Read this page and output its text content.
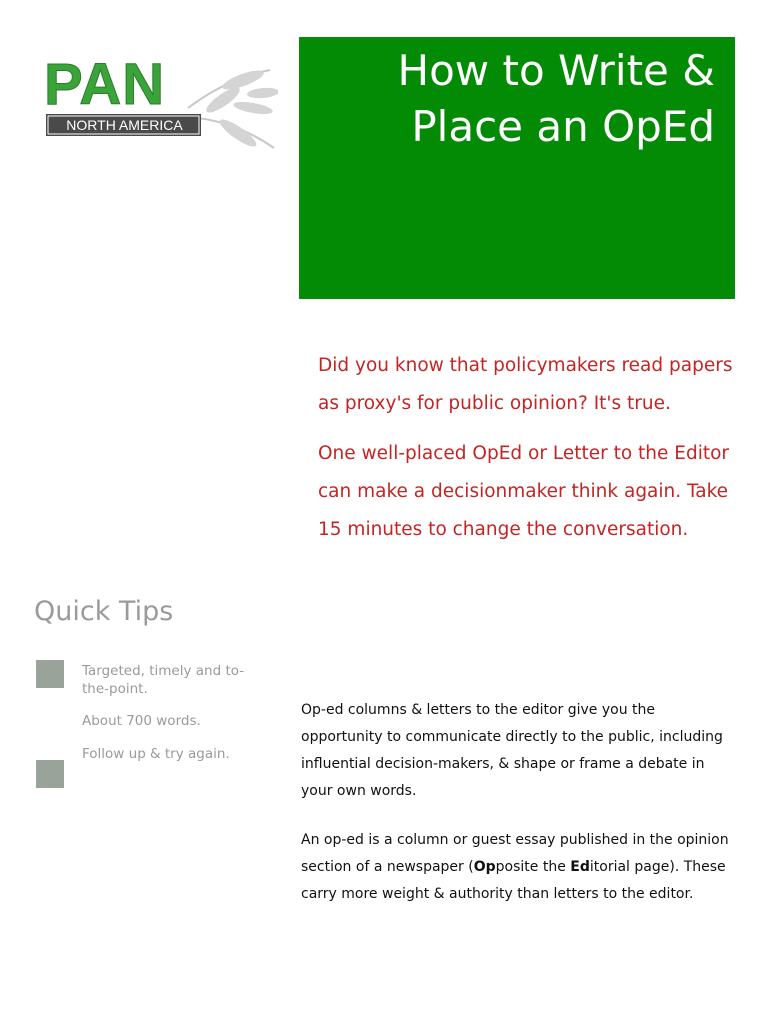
PAN
NORTH AMERICA
How to Write &
Place an OpEd

Did you know that policymakers read papers as proxy's for public opinion? It's true.

One well-placed OpEd or Letter to the Editor can make a decisionmaker think again. Take 15 minutes to change the conversation.

Quick Tips
Targeted, timely and to-the-point.
About 700 words.
Follow up & try again.

Op-ed columns & letters to the editor give you the opportunity to communicate directly to the public, including influential decision-makers, & shape or frame a debate in your own words.

An op-ed is a column or guest essay published in the opinion section of a newspaper (Opposite the Editorial page). These carry more weight & authority than letters to the editor.
